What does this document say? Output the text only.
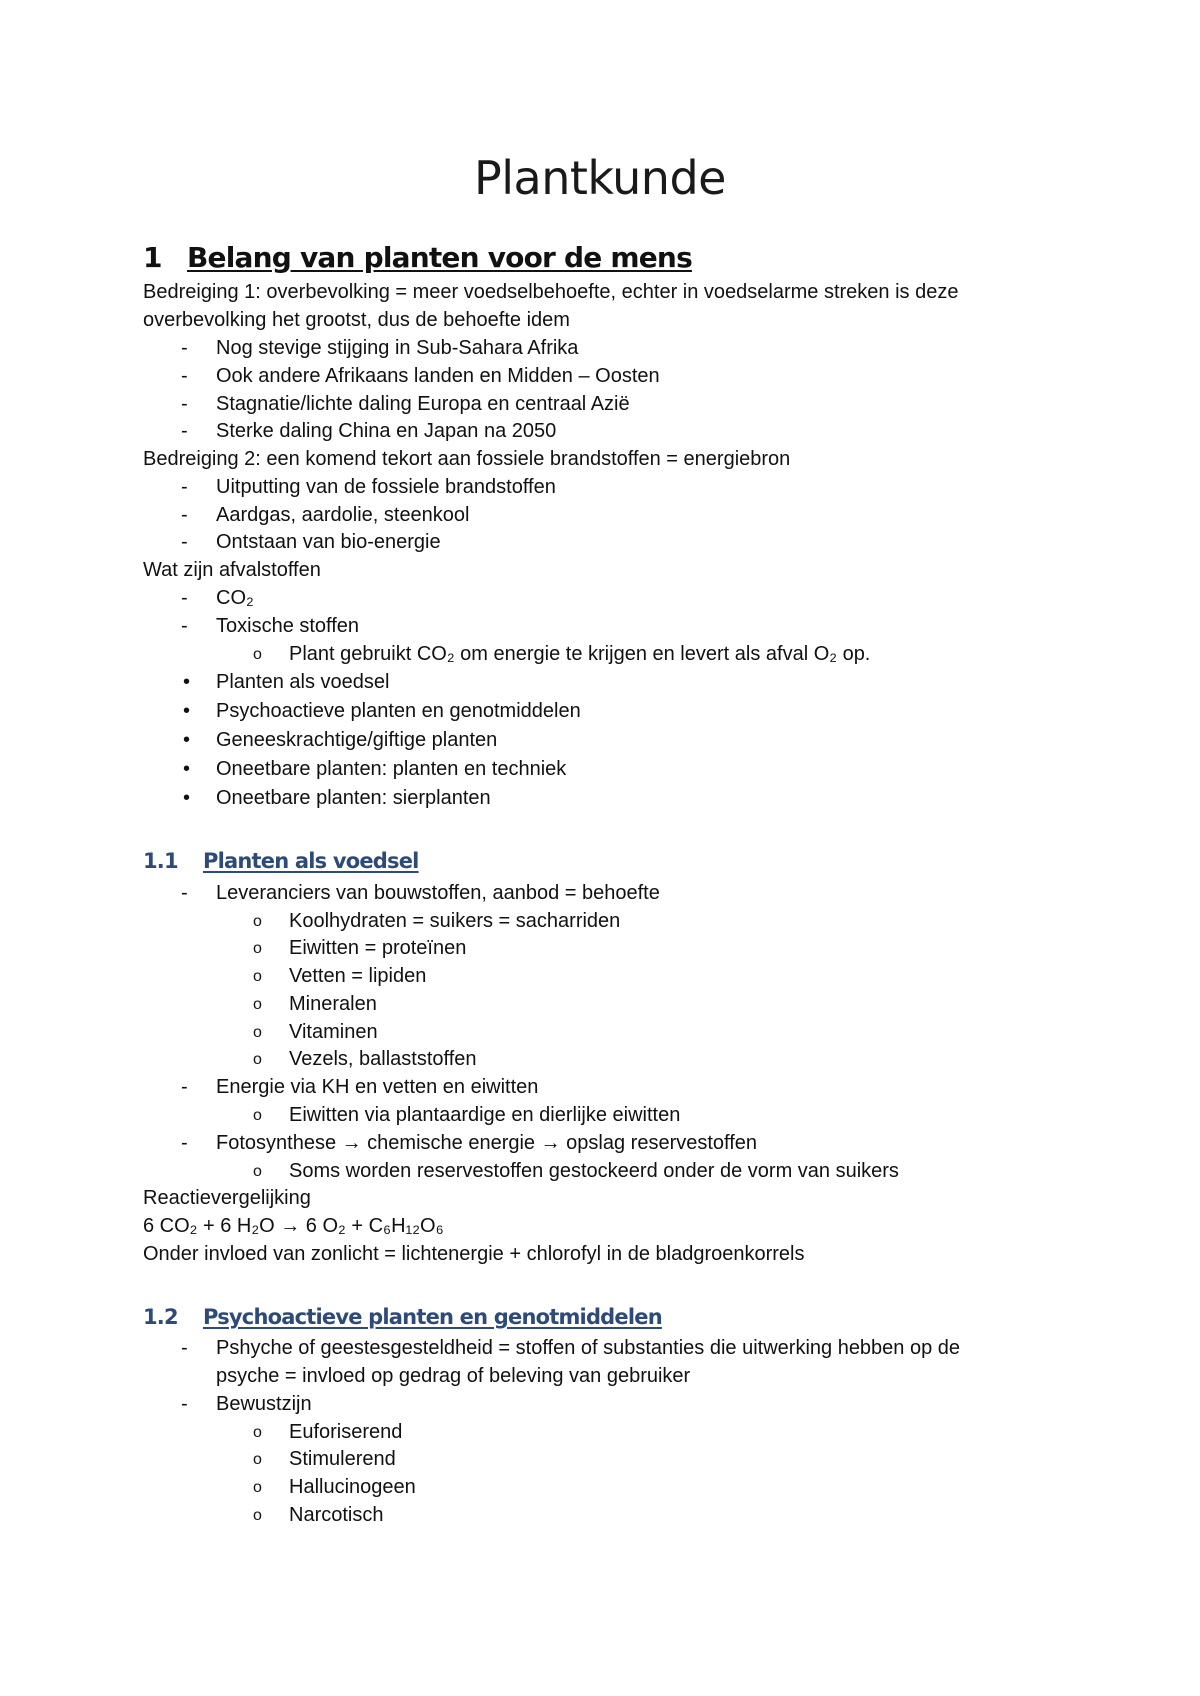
Plantkunde
1 Belang van planten voor de mens

Bedreiging 1: overbevolking = meer voedselbehoefte, echter in voedselarme streken is deze

overbevolking het grootst, dus de behoefte idem

- Nog stevige stijging in Sub-Sahara Afrika

- Ook andere Afrikaans landen en Midden – Oosten

- Stagnatie/lichte daling Europa en centraal Azië

- Sterke daling China en Japan na 2050

Bedreiging 2: een komend tekort aan fossiele brandstoffen = energiebron

- Uitputting van de fossiele brandstoffen

- Aardgas, aardolie, steenkool

- Ontstaan van bio-energie

Wat zijn afvalstoffen

- CO₂

- Toxische stoffen

o Plant gebruikt CO₂ om energie te krijgen en levert als afval O₂ op.

• Planten als voedsel

• Psychoactieve planten en genotmiddelen

• Geneeskrachtige/giftige planten

• Oneetbare planten: planten en techniek

• Oneetbare planten: sierplanten

1.1 Planten als voedsel
- Leveranciers van bouwstoffen, aanbod = behoefte

o Koolhydraten = suikers = sacharriden

o Eiwitten = proteïnen

o Vetten = lipiden

o Mineralen

o Vitaminen

o Vezels, ballaststoffen

- Energie via KH en vetten en eiwitten

o Eiwitten via plantaardige en dierlijke eiwitten

- Fotosynthese → chemische energie → opslag reservestoffen

o Soms worden reservestoffen gestockeerd onder de vorm van suikers

Reactievergelijking

6 CO₂ + 6 H₂O → 6 O₂ + C₆H₁₂O₆

Onder invloed van zonlicht = lichtenergie + chlorofyl in de bladgroenkorrels

1.2 Psychoactieve planten en genotmiddelen
- Pshyche of geestesgesteldheid = stoffen of substanties die uitwerking hebben op de

psyche = invloed op gedrag of beleving van gebruiker

- Bewustzijn

o Euforiserend

o Stimulerend

o Hallucinogeen

o Narcotisch
